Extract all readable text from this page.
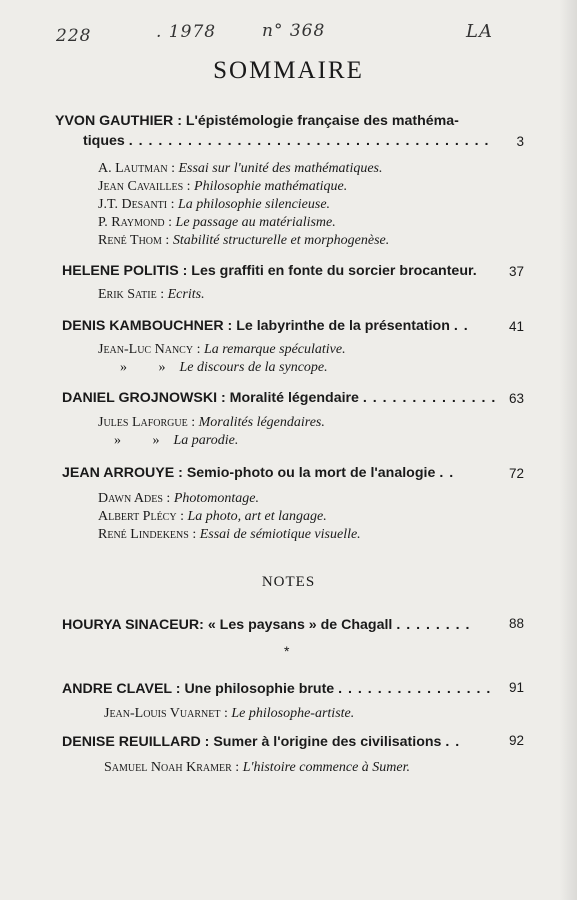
228	. 1978	n° 368	LA
SOMMAIRE
YVON GAUTHIER : L'épistémologie française des mathéma-
tiques . . . . . . . . . . . . . . . . . . . . . . . . . . . . . . . . . . . . .	3
A. Lautman : Essai sur l'unité des mathématiques.
Jean Cavailles : Philosophie mathématique.
J.T. Desanti : La philosophie silencieuse.
P. Raymond : Le passage au matérialisme.
René Thom : Stabilité structurelle et morphogenèse.
HELENE POLITIS : Les graffiti en fonte du sorcier brocanteur.	37
Erik Satie : Ecrits.
DENIS KAMBOUCHNER : Le labyrinthe de la présentation . .	41
Jean-Luc Nancy : La remarque spéculative.
»         » Le discours de la syncope.
DANIEL GROJNOWSKI : Moralité légendaire . . . . . . . . . . . . . . 63
Jules Laforgue : Moralités légendaires.
»         » La parodie.
JEAN ARROUYE : Semio-photo ou la mort de l'analogie . .	72
Dawn Ades : Photomontage.
Albert Plécy : La photo, art et langage.
René Lindekens : Essai de sémiotique visuelle.
NOTES
HOURYA SINACEUR: « Les paysans » de Chagall . . . . . . . .	88
*
ANDRE CLAVEL : Une philosophie brute . . . . . . . . . . . . . . . .	91
Jean-Louis Vuarnet : Le philosophe-artiste.
DENISE REUILLARD : Sumer à l'origine des civilisations . .	92
Samuel Noah Kramer : L'histoire commence à Sumer.
